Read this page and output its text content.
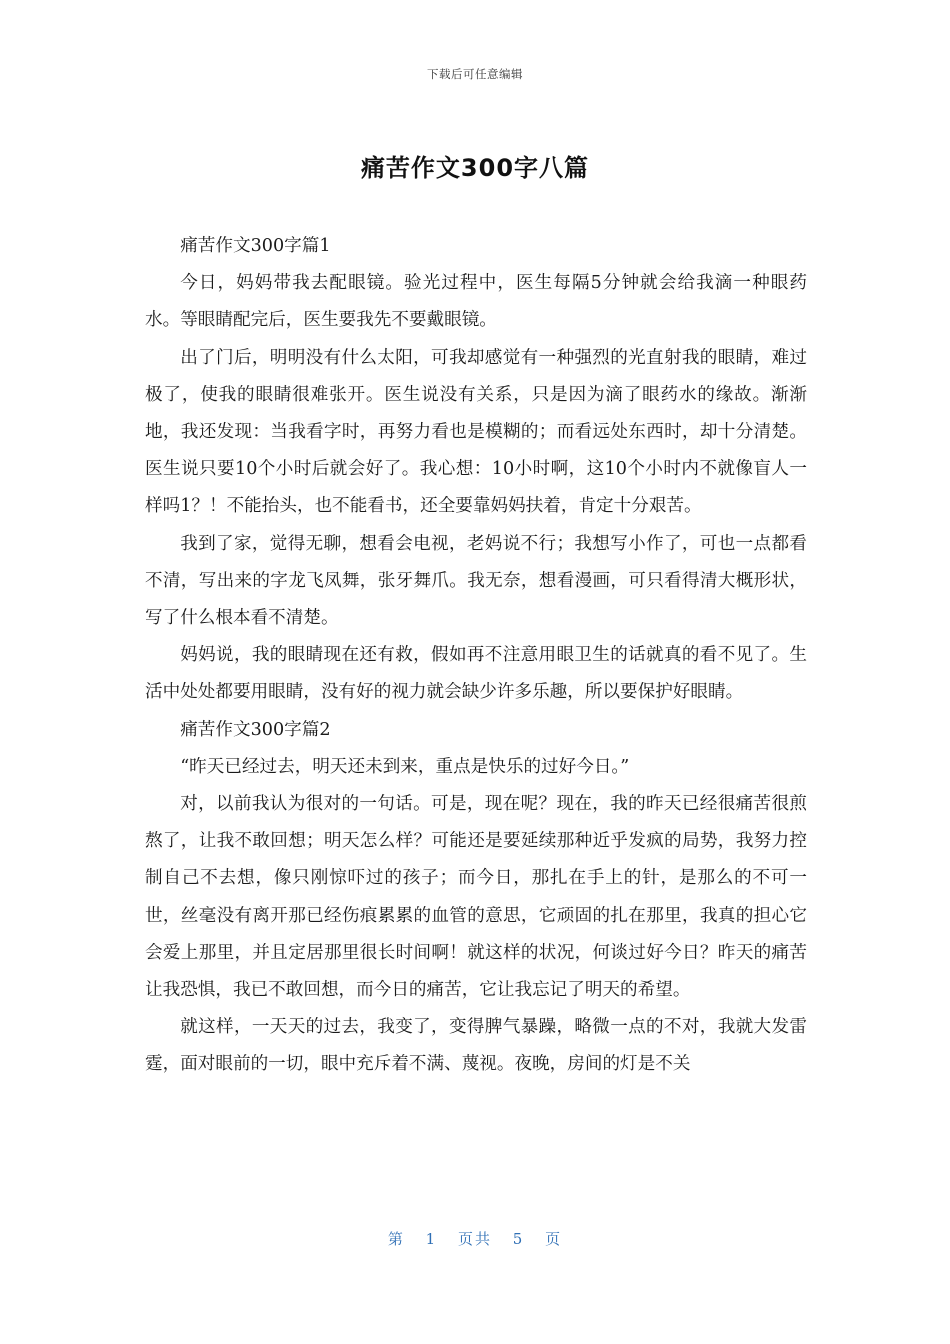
下载后可任意编辑
痛苦作文300字八篇

痛苦作文300字篇1

今日，妈妈带我去配眼镜。验光过程中，医生每隔5分钟就会给我滴一种眼药水。等眼睛配完后，医生要我先不要戴眼镜。

出了门后，明明没有什么太阳，可我却感觉有一种强烈的光直射我的眼睛，难过极了，使我的眼睛很难张开。医生说没有关系，只是因为滴了眼药水的缘故。渐渐地，我还发现：当我看字时，再努力看也是模糊的；而看远处东西时，却十分清楚。医生说只要10个小时后就会好了。我心想：10小时啊，这10个小时内不就像盲人一样吗1？！不能抬头，也不能看书，还全要靠妈妈扶着，肯定十分艰苦。

我到了家，觉得无聊，想看会电视，老妈说不行；我想写小作了，可也一点都看不清，写出来的字龙飞凤舞，张牙舞爪。我无奈，想看漫画，可只看得清大概形状，写了什么根本看不清楚。

妈妈说，我的眼睛现在还有救，假如再不注意用眼卫生的话就真的看不见了。生活中处处都要用眼睛，没有好的视力就会缺少许多乐趣，所以要保护好眼睛。

痛苦作文300字篇2

“昨天已经过去，明天还未到来，重点是快乐的过好今日。”

对，以前我认为很对的一句话。可是，现在呢？现在，我的昨天已经很痛苦很煎熬了，让我不敢回想；明天怎么样？可能还是要延续那种近乎发疯的局势，我努力控制自己不去想，像只刚惊吓过的孩子；而今日，那扎在手上的针，是那么的不可一世，丝毫没有离开那已经伤痕累累的血管的意思，它顽固的扎在那里，我真的担心它会爱上那里，并且定居那里很长时间啊！就这样的状况，何谈过好今日？昨天的痛苦让我恐惧，我已不敢回想，而今日的痛苦，它让我忘记了明天的希望。

就这样，一天天的过去，我变了，变得脾气暴躁，略微一点的不对，我就大发雷霆，面对眼前的一切，眼中充斥着不满、蔑视。夜晚，房间的灯是不关

第 1 页共 5 页
